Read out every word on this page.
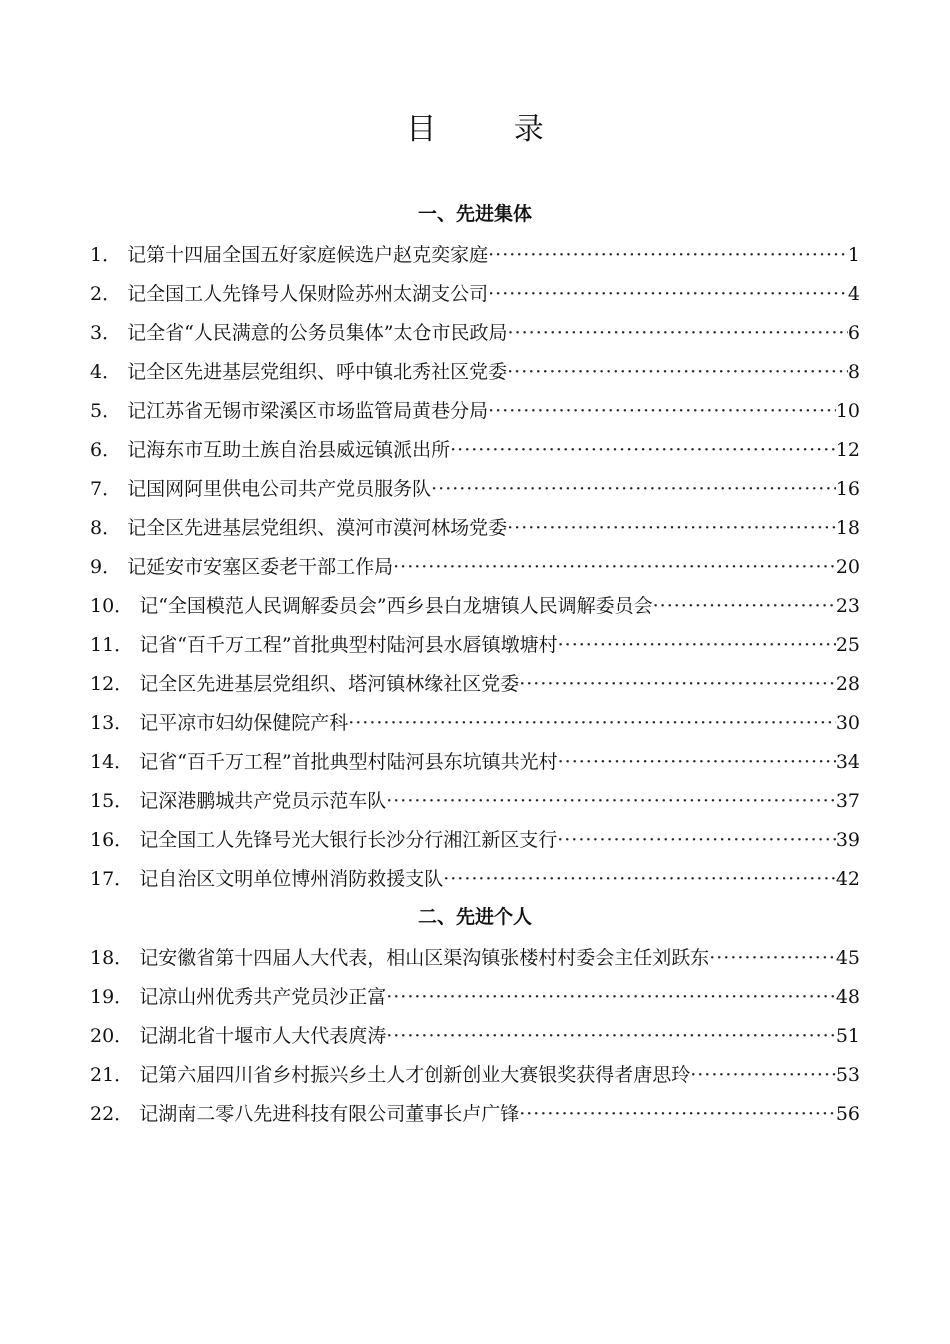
目 录
一、先进集体
二、先进个人
1． 记第十四届全国五好家庭候选户赵克奕家庭 ·····	1
2． 记全国工人先锋号人保财险苏州太湖支公司 ·····	4
3． 记全省“人民满意的公务员集体”太仓市民政局 ·····	6
4． 记全区先进基层党组织、呼中镇北秀社区党委 ·····	8
5． 记江苏省无锡市梁溪区市场监管局黄巷分局 ·····	10
6． 记海东市互助土族自治县威远镇派出所 ·····	12
7． 记国网阿里供电公司共产党员服务队 ·····	16
8． 记全区先进基层党组织、漠河市漠河林场党委 ·····	18
9． 记延安市安塞区委老干部工作局 ·····	20
10． 记“全国模范人民调解委员会”西乡县白龙塘镇人民调解委员会 ·····	23
11． 记省“百千万工程”首批典型村陆河县水唇镇墩塘村 ·····	25
12． 记全区先进基层党组织、塔河镇林缘社区党委 ·····	28
13． 记平凉市妇幼保健院产科 ·····	30
14． 记省“百千万工程”首批典型村陆河县东坑镇共光村 ·····	34
15． 记深港鹏城共产党员示范车队 ·····	37
16． 记全国工人先锋号光大银行长沙分行湘江新区支行 ·····	39
17． 记自治区文明单位博州消防救援支队 ·····	42
18． 记安徽省第十四届人大代表，相山区渠沟镇张楼村村委会主任刘跃东 ·····	45
19． 记凉山州优秀共产党员沙正富 ·····	48
20． 记湖北省十堰市人大代表庹涛 ·····	51
21． 记第六届四川省乡村振兴乡土人才创新创业大赛银奖获得者唐思玲 ·····	53
22． 记湖南二零八先进科技有限公司董事长卢广锋 ·····	56
